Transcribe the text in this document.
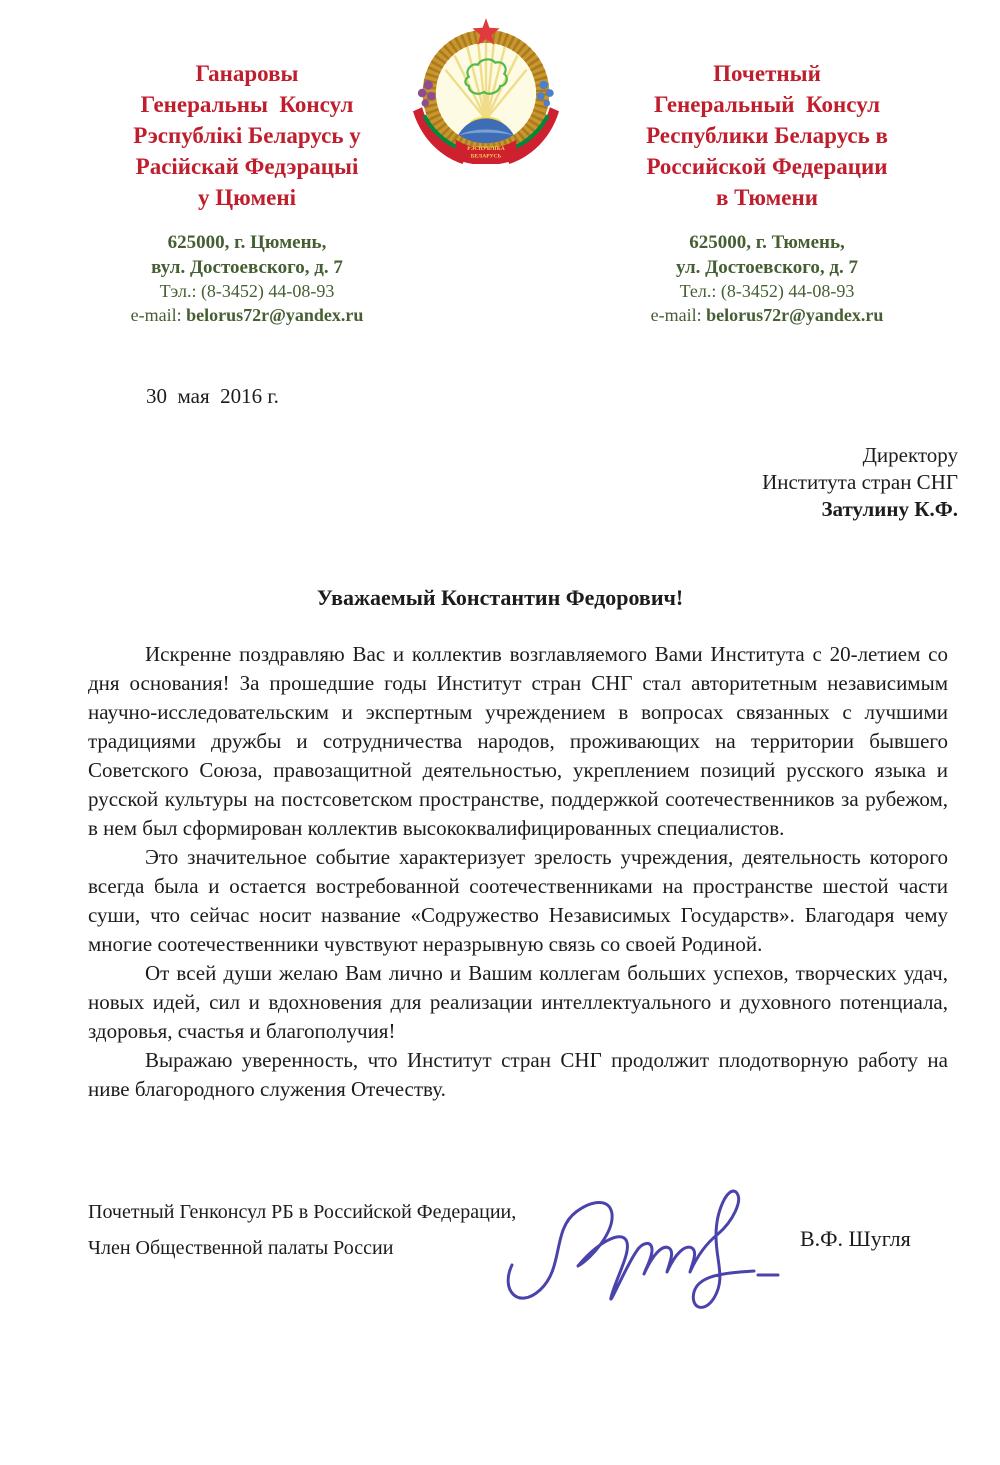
Ганаровы
Генеральны  Консул
Рэспублікі Беларусь у
Расійскай Федэрацыі
у Цюмені
625000, г. Цюмень,
вул. Достоевского, д. 7
Тэл.: (8-3452) 44-08-93
e-mail: belorus72r@yandex.ru
Почетный
Генеральный  Консул
Республики Беларусь в
Российской Федерации
в Тюмени
625000, г. Тюмень,
ул. Достоевского, д. 7
Тел.: (8-3452) 44-08-93
e-mail: belorus72r@yandex.ru
РЭСПУБЛІКА
БЕЛАРУСЬ
30  мая  2016 г.
Директору
Института стран СНГ
Затулину К.Ф.
Уважаемый Константин Федорович!

Искренне поздравляю Вас и коллектив возглавляемого Вами Института с 20-летием со дня основания! За прошедшие годы Институт стран СНГ стал авторитетным независимым научно-исследовательским и экспертным учреждением в вопросах связанных с лучшими традициями дружбы и сотрудничества народов, проживающих на территории бывшего Советского Союза, правозащитной деятельностью, укреплением позиций русского языка и русской культуры на постсоветском пространстве, поддержкой соотечественников за рубежом, в нем был сформирован коллектив высококвалифицированных специалистов.

Это значительное событие характеризует зрелость учреждения, деятельность которого всегда была и остается востребованной соотечественниками на пространстве шестой части суши, что сейчас носит название «Содружество Независимых Государств». Благодаря чему многие соотечественники чувствуют неразрывную связь со своей Родиной.

От всей души желаю Вам лично и Вашим коллегам больших успехов, творческих удач, новых идей, сил и вдохновения для реализации интеллектуального и духовного потенциала, здоровья, счастья и благополучия!

Выражаю уверенность, что Институт стран СНГ продолжит плодотворную работу на ниве благородного служения Отечеству.

Почетный Генконсул РБ в Российской Федерации,
Член Общественной палаты России	В.Ф. Шугля
